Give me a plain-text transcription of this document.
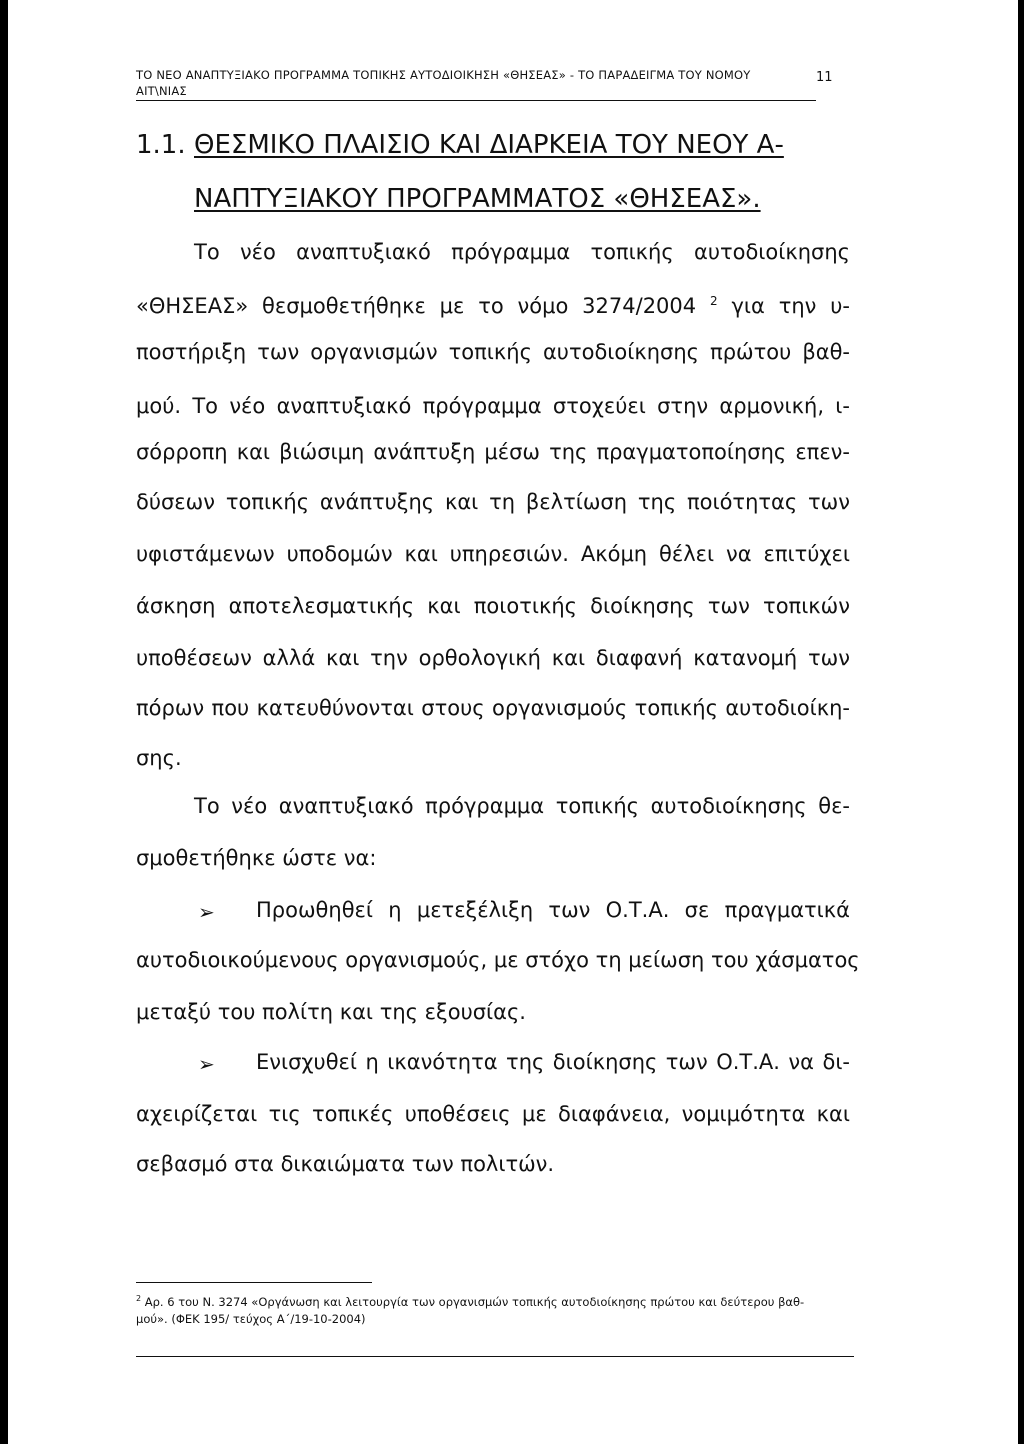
ΤΟ ΝΕΟ ΑΝΑΠΤΥΞΙΑΚΟ ΠΡΟΓΡΑΜΜΑ ΤΟΠΙΚΗΣ ΑΥΤΟΔΙΟΙΚΗΣΗ «ΘΗΣΕΑΣ» - ΤΟ ΠΑΡΑΔΕΙΓΜΑ ΤΟΥ ΝΟΜΟΥ
ΑΙΤ\ΝΙΑΣ
11
1.1. ΘΕΣΜΙΚΟ ΠΛΑΙΣΙΟ ΚΑΙ ΔΙΑΡΚΕΙΑ ΤΟΥ ΝΕΟΥ Α-
ΝΑΠΤΥΞΙΑΚΟΥ ΠΡΟΓΡΑΜΜΑΤΟΣ «ΘΗΣΕΑΣ».
Το νέο αναπτυξιακό πρόγραμμα τοπικής αυτοδιοίκησης
«ΘΗΣΕΑΣ» θεσμοθετήθηκε με το νόμο 3274/2004 $^2$ για την υ-
ποστήριξη των οργανισμών τοπικής αυτοδιοίκησης πρώτου βαθ-
μού. Το νέο αναπτυξιακό πρόγραμμα στοχεύει στην αρμονική, ι-
σόρροπη και βιώσιμη ανάπτυξη μέσω της πραγματοποίησης επεν-
δύσεων τοπικής ανάπτυξης και τη βελτίωση της ποιότητας των
υφιστάμενων υποδομών και υπηρεσιών. Ακόμη θέλει να επιτύχει
άσκηση αποτελεσματικής και ποιοτικής διοίκησης των τοπικών
υποθέσεων αλλά και την ορθολογική και διαφανή κατανομή των
πόρων που κατευθύνονται στους οργανισμούς τοπικής αυτοδιοίκη-
σης.
Το νέο αναπτυξιακό πρόγραμμα τοπικής αυτοδιοίκησης θε-
σμοθετήθηκε ώστε να:
➢ Προωθηθεί η μετεξέλιξη των Ο.Τ.Α. σε πραγματικά
αυτοδιοικούμενους οργανισμούς, με στόχο τη μείωση του χάσματος
μεταξύ του πολίτη και της εξουσίας.
➢ Ενισχυθεί η ικανότητα της διοίκησης των Ο.Τ.Α. να δι-
αχειρίζεται τις τοπικές υποθέσεις με διαφάνεια, νομιμότητα και
σεβασμό στα δικαιώματα των πολιτών.
$^2$ Αρ. 6 του Ν. 3274 «Οργάνωση και λειτουργία των οργανισμών τοπικής αυτοδιοίκησης πρώτου και δεύτερου βαθ-
μού». (ΦΕΚ 195/ τεύχος Α΄/19-10-2004)
